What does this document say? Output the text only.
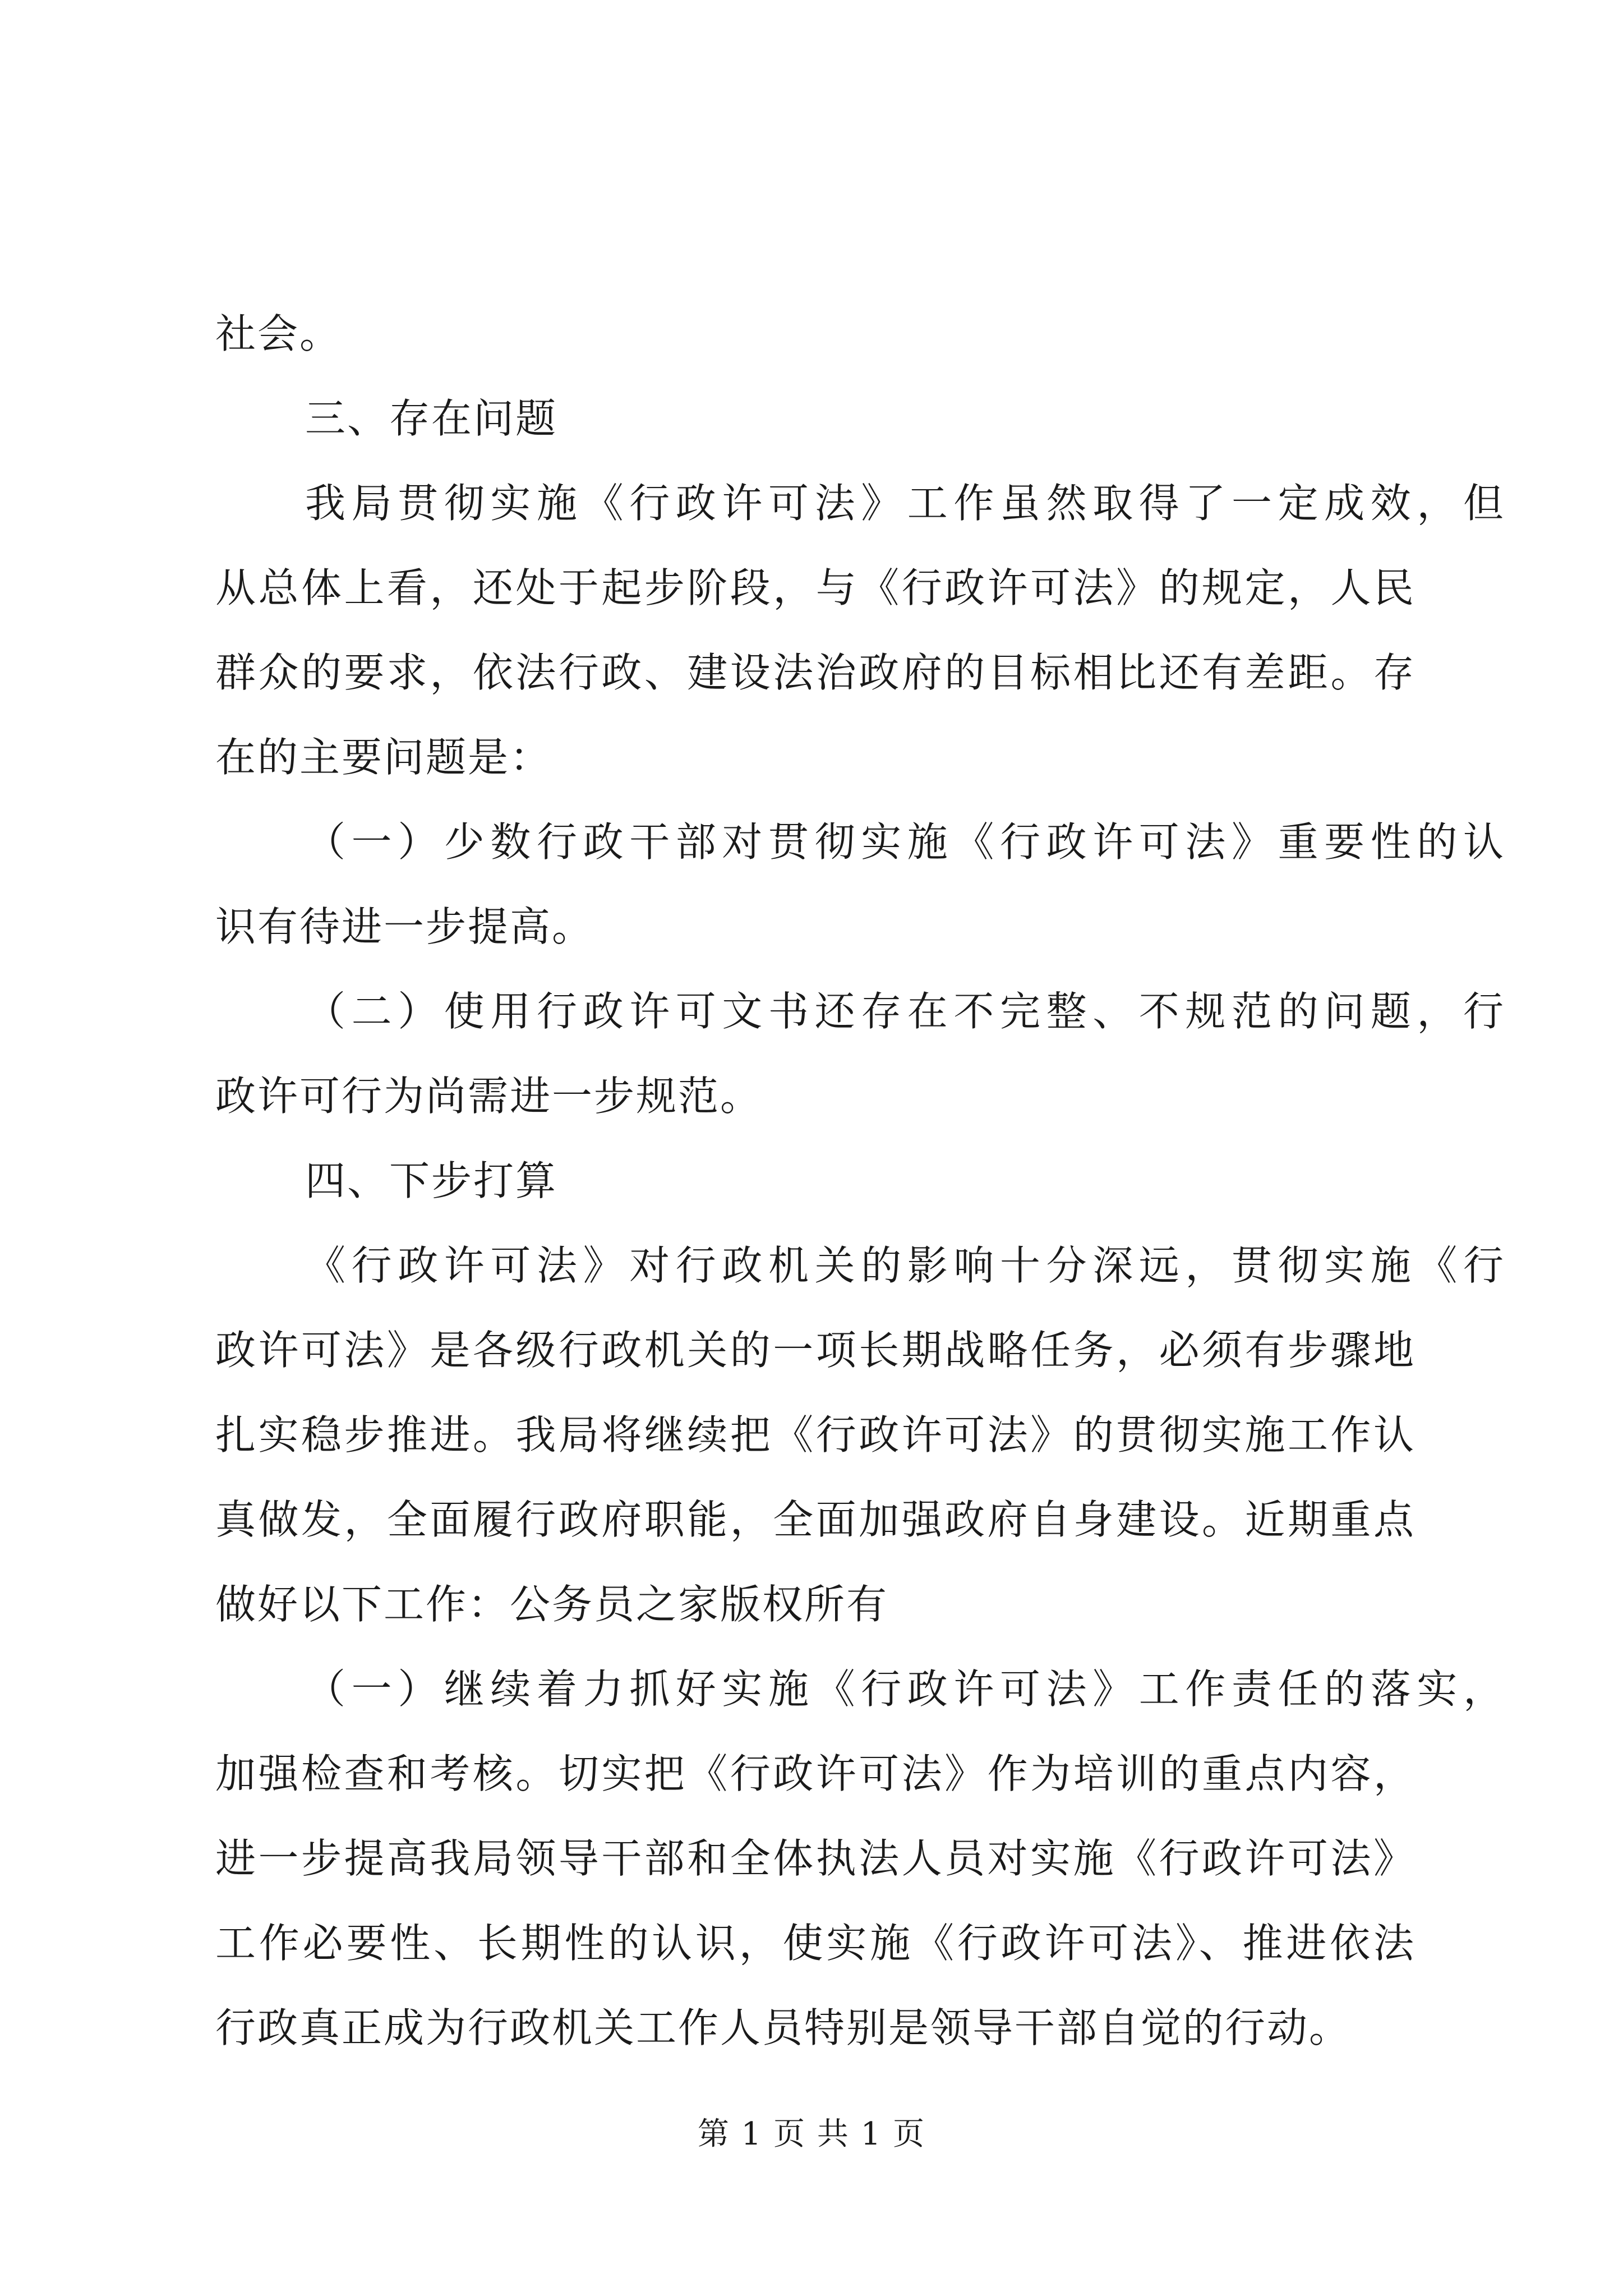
社会。
三、存在问题
我局贯彻实施《行政许可法》工作虽然取得了一定成效，但
从总体上看，还处于起步阶段，与《行政许可法》的规定，人民
群众的要求，依法行政、建设法治政府的目标相比还有差距。存
在的主要问题是：
（一）少数行政干部对贯彻实施《行政许可法》重要性的认
识有待进一步提高。
（二）使用行政许可文书还存在不完整、不规范的问题，行
政许可行为尚需进一步规范。
四、下步打算
《行政许可法》对行政机关的影响十分深远，贯彻实施《行
政许可法》是各级行政机关的一项长期战略任务，必须有步骤地
扎实稳步推进。我局将继续把《行政许可法》的贯彻实施工作认
真做发，全面履行政府职能，全面加强政府自身建设。近期重点
做好以下工作：公务员之家版权所有
（一）继续着力抓好实施《行政许可法》工作责任的落实，
加强检查和考核。切实把《行政许可法》作为培训的重点内容，
进一步提高我局领导干部和全体执法人员对实施《行政许可法》
工作必要性、长期性的认识，使实施《行政许可法》、推进依法
行政真正成为行政机关工作人员特别是领导干部自觉的行动。
第 1 页 共 1 页
